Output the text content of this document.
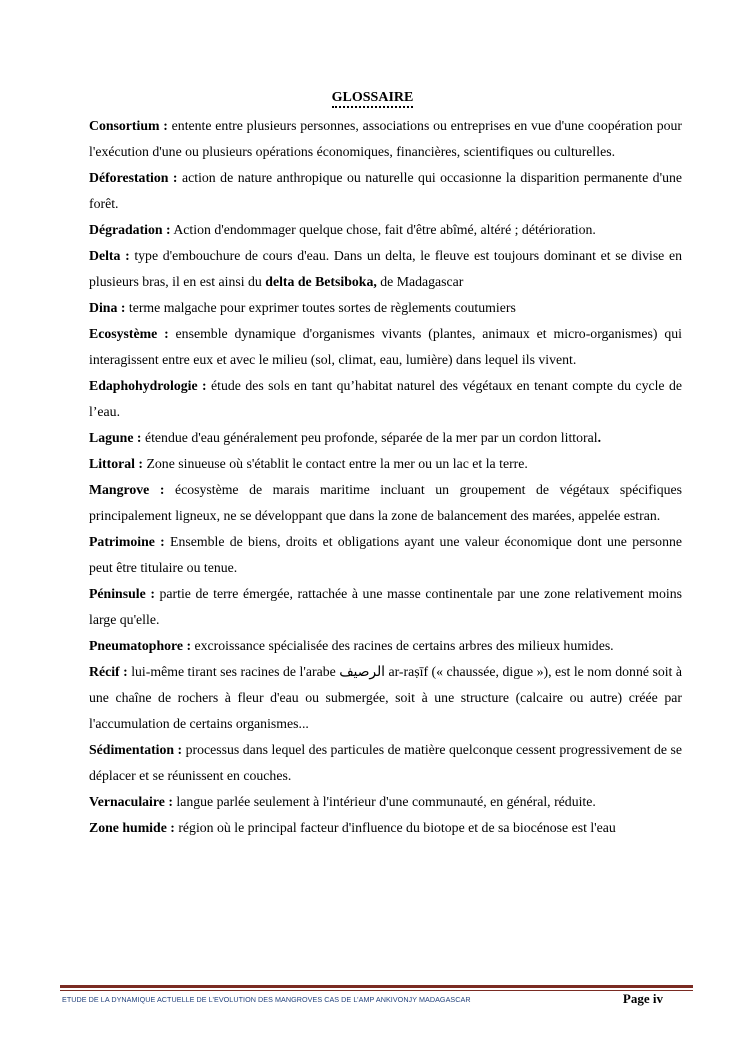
GLOSSAIRE

Consortium : entente entre plusieurs personnes, associations ou entreprises en vue d'une coopération pour l'exécution d'une ou plusieurs opérations économiques, financières, scientifiques ou culturelles.

Déforestation : action de nature anthropique ou naturelle qui occasionne la disparition permanente d'une forêt.

Dégradation : Action d'endommager quelque chose, fait d'être abîmé, altéré ; détérioration.

Delta : type d'embouchure de cours d'eau. Dans un delta, le fleuve est toujours dominant et se divise en plusieurs bras, il en est ainsi du delta de Betsiboka, de Madagascar

Dina : terme malgache pour exprimer toutes sortes de règlements coutumiers

Ecosystème : ensemble dynamique d'organismes vivants (plantes, animaux et micro-organismes) qui interagissent entre eux et avec le milieu (sol, climat, eau, lumière) dans lequel ils vivent.

Edaphohydrologie : étude des sols en tant qu’habitat naturel des végétaux en tenant compte du cycle de l’eau.

Lagune : étendue d'eau généralement peu profonde, séparée de la mer par un cordon littoral.

Littoral : Zone sinueuse où s'établit le contact entre la mer ou un lac et la terre.

Mangrove : écosystème de marais maritime incluant un groupement de végétaux spécifiques principalement ligneux, ne se développant que dans la zone de balancement des marées, appelée estran.

Patrimoine : Ensemble de biens, droits et obligations ayant une valeur économique dont une personne peut être titulaire ou tenue.

Péninsule : partie de terre émergée, rattachée à une masse continentale par une zone relativement moins large qu'elle.

Pneumatophore : excroissance spécialisée des racines de certains arbres des milieux humides.

Récif : lui-même tirant ses racines de l'arabe الرصيف ar-raṣīf (« chaussée, digue »), est le nom donné soit à une chaîne de rochers à fleur d'eau ou submergée, soit à une structure (calcaire ou autre) créée par l'accumulation de certains organismes...

Sédimentation : processus dans lequel des particules de matière quelconque cessent progressivement de se déplacer et se réunissent en couches.

Vernaculaire : langue parlée seulement à l'intérieur d'une communauté, en général, réduite.

Zone humide : région où le principal facteur d'influence du biotope et de sa biocénose est l'eau

ETUDE DE LA DYNAMIQUE ACTUELLE DE L’EVOLUTION DES MANGROVES CAS DE L’AMP ANKIVONJY MADAGASCAR	Page iv
